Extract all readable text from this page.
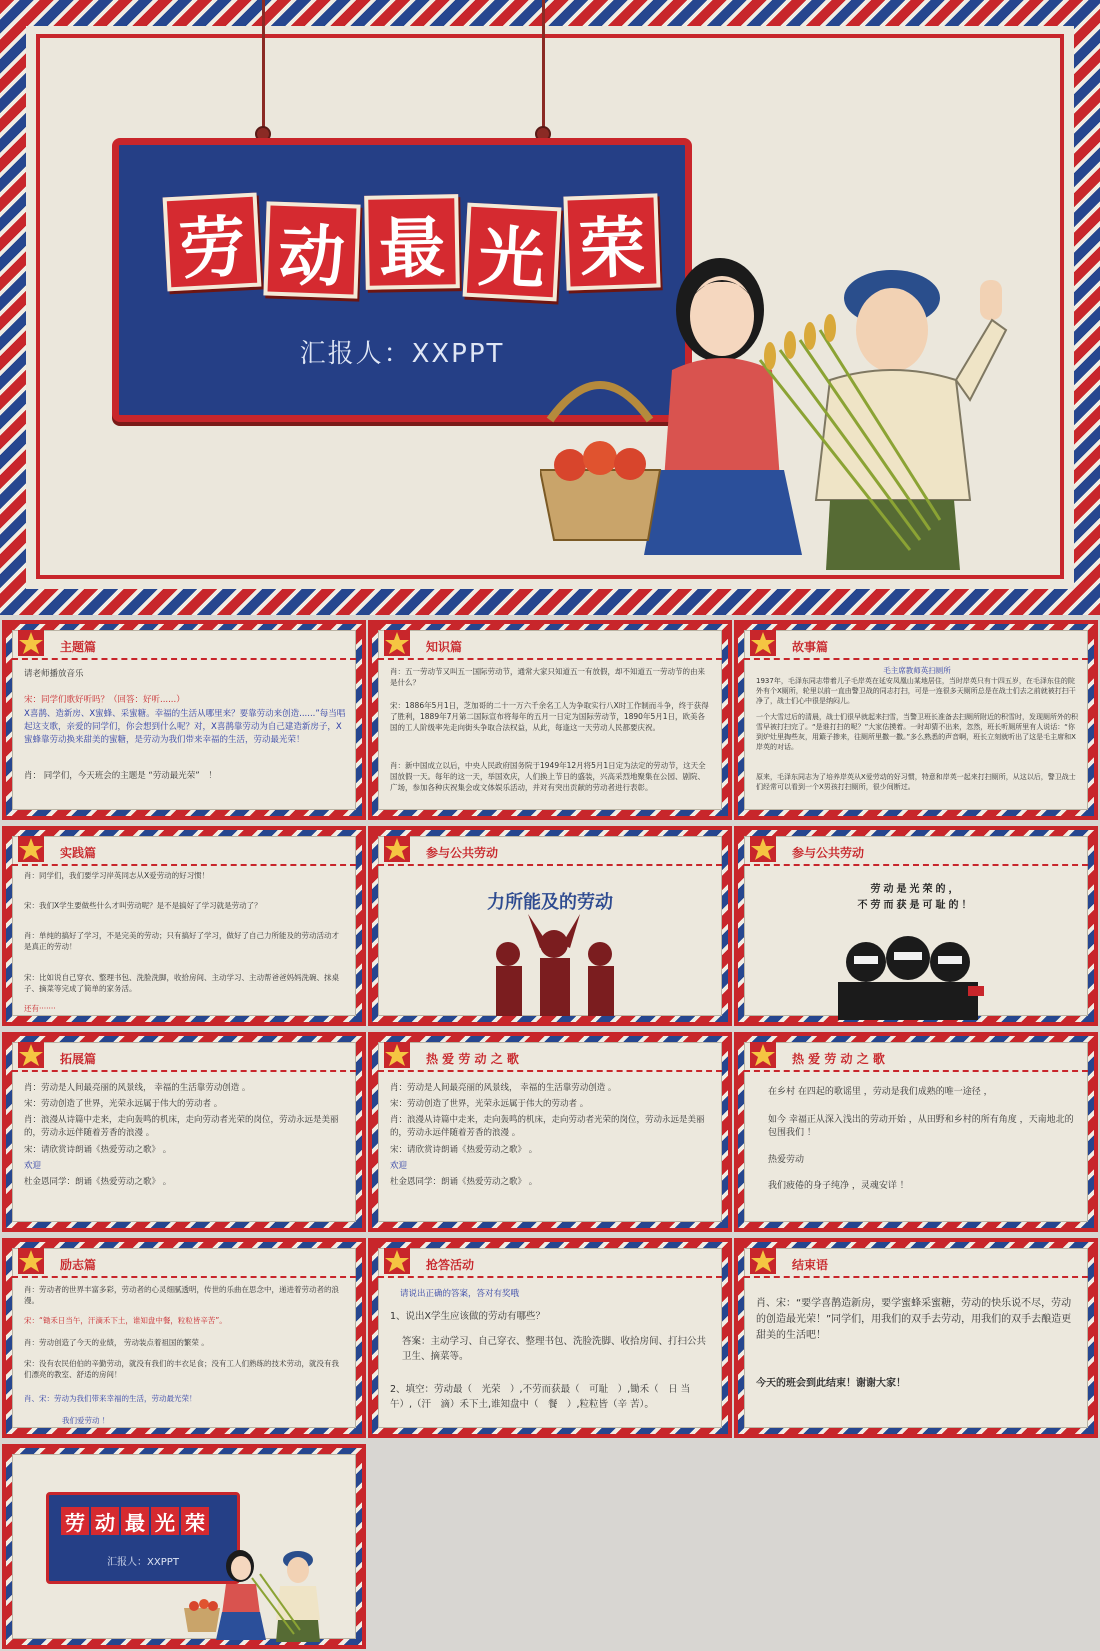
劳 动 最 光 荣
汇报人：XXPPT
主题篇
请老师播放音乐
宋：同学们歌好听吗？（回答：好听......）
X喜鹊、造新房、X蜜蜂、采蜜糖。幸福的生活从哪里来？要靠劳动来创造......”每当唱起这支歌，亲爱的同学们，你会想到什么呢？对，X喜鹊靠劳动为自己建造新房子，X蜜蜂靠劳动换来甜美的蜜糖，是劳动为我们带来幸福的生活，劳动最光荣！
肖： 同学们，今天班会的主题是 “劳动最光荣”　！
知识篇
肖：五一劳动节又叫五一国际劳动节，通常大家只知道五一有放假，却不知道五一劳动节的由来是什么？
宋：1886年5月1日，芝加哥的二十一万六千余名工人为争取实行八X时工作制而斗争，终于获得了胜利，1889年7月第二国际宣布将每年的五月一日定为国际劳动节，1890年5月1日，欧美各国的工人阶级率先走向街头争取合法权益，从此，每逢这一天劳动人民都要庆祝。
肖：新中国成立以后，中央人民政府国务院于1949年12月将5月1日定为法定的劳动节，这天全国放假一天。每年的这一天，举国欢庆，人们换上节日的盛装，兴高采烈地聚集在公园、剧院、广场，参加各种庆祝集会或文体娱乐活动，并对有突出贡献的劳动者进行表彰。
故事篇
毛主席教师英扫厕所
1937年，毛泽东同志带着儿子毛岸英在延安凤凰山某地居住，当时岸英只有十四五岁，在毛泽东住的院外有个X厕所，轮里以前一直由警卫战的同志打扫，可是一连很多天厕所总是在战士们去之前就被打扫干净了，战士们心中很是纳闷儿。
一个大雪过后的清晨，战士们很早就起来扫雪，当警卫班长准备去扫厕所附近的积雪时，发现厕所外的积雪早被打扫完了。“是谁打扫的呢？”大家估摸着。一时却猜不出来，忽然，班长听厕所里有人说话：“你到炉灶里掏些灰，用簸子掺来，往厕所里撒一撒。”多么熟悉的声音啊，班长立刻就听出了这是毛主席和X岸英的对话。
原来，毛泽东同志为了培养岸英从X爱劳动的好习惯，特意和岸英一起来打扫厕所，从这以后，警卫战士们经常可以看到一个X男孩打扫厕所，很少间断过。
实践篇
肖：同学们，我们要学习岸英同志从X爱劳动的好习惯！
宋：我们X学生要做些什么才叫劳动呢？是不是搞好了学习就是劳动了？
肖：单纯的搞好了学习，不是完美的劳动；只有搞好了学习，做好了自己力所能及的劳动活动才是真正的劳动！
宋：比如说自己穿衣、整理书包、洗脸洗脚，收拾房间、主动学习、主动帮爸爸妈妈洗碗、抹桌子、摘菜等完成了简单的家务活。
还有·······
参与公共劳动
力所能及的劳动
参与公共劳动
劳动是光荣的，
不劳而获是可耻的！
拓展篇
肖：劳动是人间最亮丽的风景线， 幸福的生活靠劳动创造 。
宋：劳动创造了世界，光荣永远属于伟大的劳动者 。
肖：浪漫从诗篇中走来，走向轰鸣的机床，走向劳动者光荣的岗位，劳动永远是美丽的，劳动永远伴随着芳香的浪漫 。
宋：请欣赏诗朗诵《热爱劳动之歌》 。
欢迎
杜金恩同学：朗诵《热爱劳动之歌》 。
热 爱 劳 动 之 歌
肖：劳动是人间最亮丽的风景线， 幸福的生活靠劳动创造 。
宋：劳动创造了世界，光荣永远属于伟大的劳动者 。
肖：浪漫从诗篇中走来，走向轰鸣的机床，走向劳动者光荣的岗位，劳动永远是美丽的，劳动永远伴随着芳香的浪漫 。
宋：请欣赏诗朗诵《热爱劳动之歌》 。
欢迎
杜金恩同学：朗诵《热爱劳动之歌》 。
热 爱 劳 动 之 歌
在乡村 在四起的歌谣里 ，劳动是我们成熟的唯一途径 ，
如今 幸福正从深入浅出的劳动开始 ，从田野和乡村的所有角度 ，天南地北的包围我们 ！
热爱劳动
我们疲倦的身子纯净 ，灵魂安详 ！
励志篇
肖：劳动者的世界丰富多彩，劳动者的心灵细腻透明，传世的乐曲在思念中，递进着劳动者的浪漫。
宋：“锄禾日当午，汗滴禾下土，谁知盘中餐，粒粒皆辛苦”。
肖：劳动创造了今天的业绩， 劳动装点着祖国的繁荣 。
宋：没有农民伯伯的辛勤劳动，就没有我们的丰衣足食；没有工人们熟练的技术劳动，就没有我们漂亮的教室、舒适的房间！
肖、宋：劳动为我们带来幸福的生活，劳动最光荣！
我们爱劳动 ！
抢答活动
请说出正确的答案，答对有奖哦
1、说出X学生应该做的劳动有哪些？
答案：主动学习、自己穿衣、整理书包、洗脸洗脚、收拾房间、打扫公共卫生、摘菜等。
2、填空：劳动最（　光荣　）,不劳而获最（　可耻　）,锄禾（　日 当 午）,（汗　滴）禾下土,谁知盘中（　餐　）,粒粒皆（辛 苦）。
结束语
肖、宋：“要学喜鹊造新房，要学蜜蜂采蜜糖，劳动的快乐说不尽，劳动的创造最光荣！”同学们，用我们的双手去劳动，用我们的双手去酿造更甜美的生活吧！
今天的班会到此结束！谢谢大家！
劳 动 最 光 荣
汇报人：XXPPT
